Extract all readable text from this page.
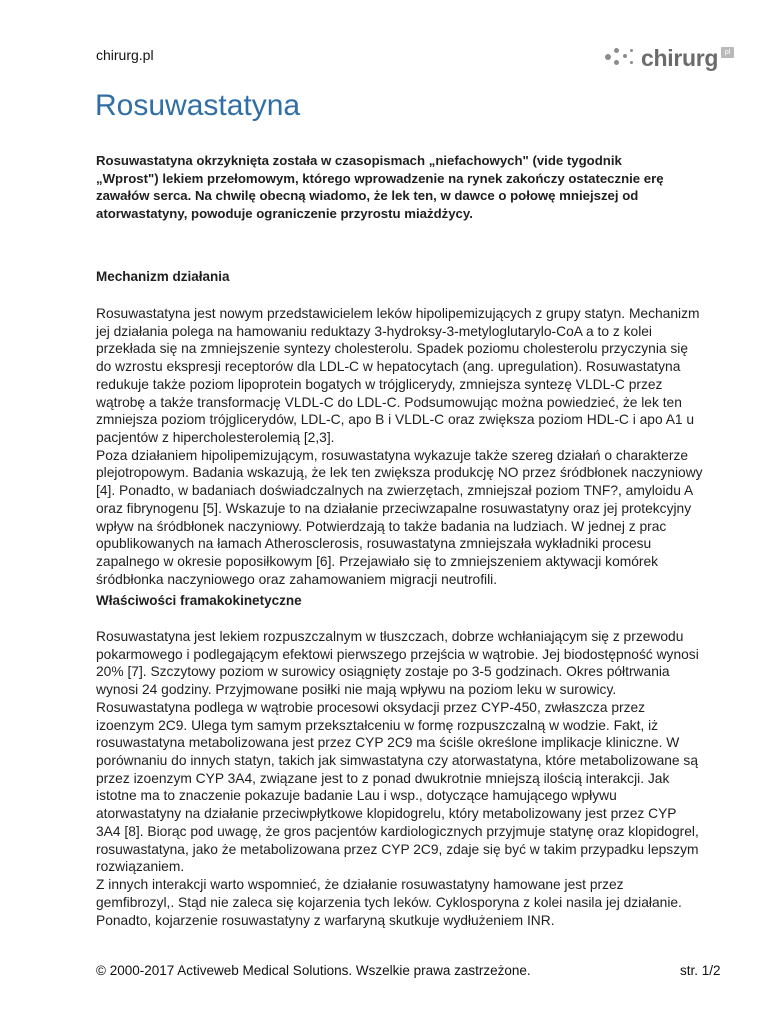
chirurg.pl	chirurg pl
Rosuwastatyna

Rosuwastatyna okrzyknięta została w czasopismach „niefachowych" (vide tygodnik
„Wprost") lekiem przełomowym, którego wprowadzenie na rynek zakończy ostatecznie erę
zawałów serca. Na chwilę obecną wiadomo, że lek ten, w dawce o połowę mniejszej od
atorwastatyny, powoduje ograniczenie przyrostu miażdżycy.

Mechanizm działania

Rosuwastatyna jest nowym przedstawicielem leków hipolipemizujących z grupy statyn. Mechanizm
jej działania polega na hamowaniu reduktazy 3-hydroksy-3-metyloglutarylo-CoA a to z kolei
przekłada się na zmniejszenie syntezy cholesterolu. Spadek poziomu cholesterolu przyczynia się
do wzrostu ekspresji receptorów dla LDL-C w hepatocytach (ang. upregulation). Rosuwastatyna
redukuje także poziom lipoprotein bogatych w trójglicerydy, zmniejsza syntezę VLDL-C przez
wątrobę a także transformację VLDL-C do LDL-C. Podsumowując można powiedzieć, że lek ten
zmniejsza poziom trójglicerydów, LDL-C, apo B i VLDL-C oraz zwiększa poziom HDL-C i apo A1 u
pacjentów z hipercholesterolemią [2,3].
Poza działaniem hipolipemizującym, rosuwastatyna wykazuje także szereg działań o charakterze
plejotropowym. Badania wskazują, że lek ten zwiększa produkcję NO przez śródbłonek naczyniowy
[4]. Ponadto, w badaniach doświadczalnych na zwierzętach, zmniejszał poziom TNF?, amyloidu A
oraz fibrynogenu [5]. Wskazuje to na działanie przeciwzapalne rosuwastatyny oraz jej protekcyjny
wpływ na śródbłonek naczyniowy. Potwierdzają to także badania na ludziach. W jednej z prac
opublikowanych na łamach Atherosclerosis, rosuwastatyna zmniejszała wykładniki procesu
zapalnego w okresie poposiłkowym [6]. Przejawiało się to zmniejszeniem aktywacji komórek
śródbłonka naczyniowego oraz zahamowaniem migracji neutrofili.

Właściwości framakokinetyczne

Rosuwastatyna jest lekiem rozpuszczalnym w tłuszczach, dobrze wchłaniającym się z przewodu
pokarmowego i podlegającym efektowi pierwszego przejścia w wątrobie. Jej biodostępność wynosi
20% [7]. Szczytowy poziom w surowicy osiągnięty zostaje po 3-5 godzinach. Okres półtrwania
wynosi 24 godziny. Przyjmowane posiłki nie mają wpływu na poziom leku w surowicy.
Rosuwastatyna podlega w wątrobie procesowi oksydacji przez CYP-450, zwłaszcza przez
izoenzym 2C9. Ulega tym samym przekształceniu w formę rozpuszczalną w wodzie. Fakt, iż
rosuwastatyna metabolizowana jest przez CYP 2C9 ma ściśle określone implikacje kliniczne. W
porównaniu do innych statyn, takich jak simwastatyna czy atorwastatyna, które metabolizowane są
przez izoenzym CYP 3A4, związane jest to z ponad dwukrotnie mniejszą ilością interakcji. Jak
istotne ma to znaczenie pokazuje badanie Lau i wsp., dotyczące hamującego wpływu
atorwastatyny na działanie przeciwpłytkowe klopidogrelu, który metabolizowany jest przez CYP
3A4 [8]. Biorąc pod uwagę, że gros pacjentów kardiologicznych przyjmuje statynę oraz klopidogrel,
rosuwastatyna, jako że metabolizowana przez CYP 2C9, zdaje się być w takim przypadku lepszym
rozwiązaniem.
Z innych interakcji warto wspomnieć, że działanie rosuwastatyny hamowane jest przez
gemfibrozyl,. Stąd nie zaleca się kojarzenia tych leków. Cyklosporyna z kolei nasila jej działanie.
Ponadto, kojarzenie rosuwastatyny z warfaryną skutkuje wydłużeniem INR.

© 2000-2017 Activeweb Medical Solutions. Wszelkie prawa zastrzeżone.	str. 1/2
